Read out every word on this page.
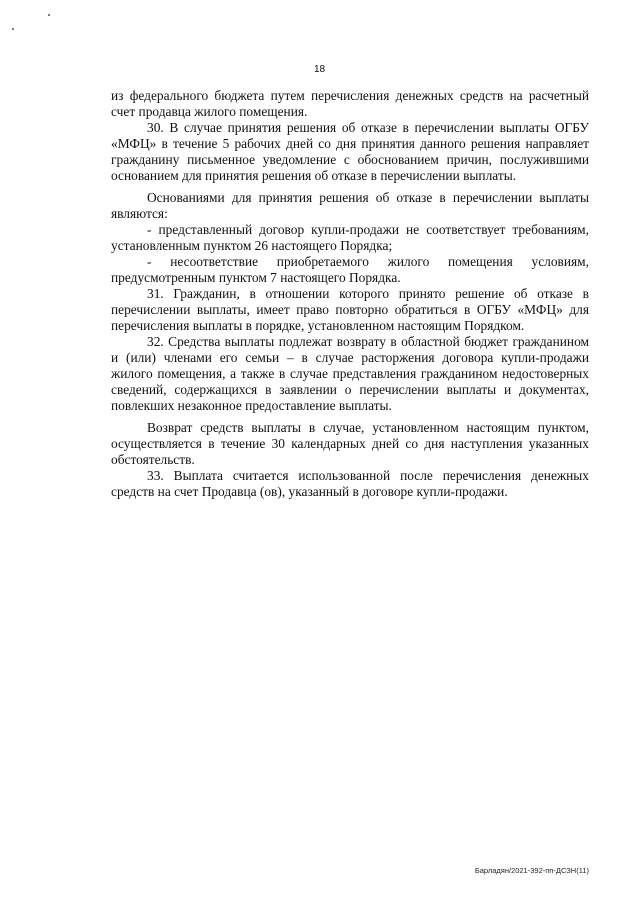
18

из федерального бюджета путем перечисления денежных средств на расчетный счет продавца жилого помещения.

30. В случае принятия решения об отказе в перечислении выплаты ОГБУ «МФЦ» в течение 5 рабочих дней со дня принятия данного решения направляет гражданину письменное уведомление с обоснованием причин, послужившими основанием для принятия решения об отказе в перечислении выплаты.

Основаниями для принятия решения об отказе в перечислении выплаты являются:

- представленный договор купли-продажи не соответствует требованиям, установленным пунктом 26 настоящего Порядка;

- несоответствие приобретаемого жилого помещения условиям, предусмотренным пунктом 7 настоящего Порядка.

31. Гражданин, в отношении которого принято решение об отказе в перечислении выплаты, имеет право повторно обратиться в ОГБУ «МФЦ» для перечисления выплаты в порядке, установленном настоящим Порядком.

32. Средства выплаты подлежат возврату в областной бюджет гражданином и (или) членами его семьи – в случае расторжения договора купли-продажи жилого помещения, а также в случае представления гражданином недостоверных сведений, содержащихся в заявлении о перечислении выплаты и документах, повлекших незаконное предоставление выплаты.

Возврат средств выплаты в случае, установленном настоящим пунктом, осуществляется в течение 30 календарных дней со дня наступления указанных обстоятельств.

33. Выплата считается использованной после перечисления денежных средств на счет Продавца (ов), указанный в договоре купли-продажи.

Барладян/2021-392-пп-ДСЗН(11)
